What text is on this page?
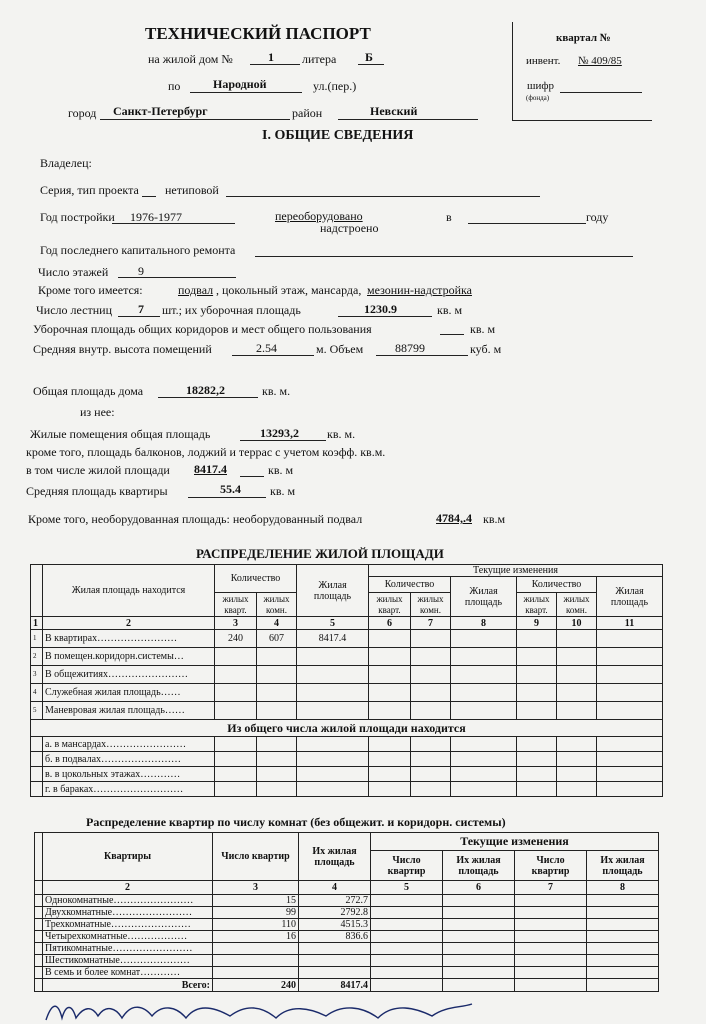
ТЕХНИЧЕСКИЙ ПАСПОРТ
на жилой дом №	1 литера Б
по	Народной	ул.(пер.)
город Санкт-Петербург	район	Невский
квартал №
инвент. № 409/85
шифр
(фонда)
I. ОБЩИЕ СВЕДЕНИЯ
Владелец:
Серия, тип проекта нетиповой
Год постройки 1976-1977	переоборудовано
надстроено
в	году
Год последнего капитального ремонта
Число этажей 9
Кроме того имеется:	подвал , цокольный этаж, мансарда, мезонин-надстройка
Число лестниц 7 шт.; их уборочная площадь	1230.9	кв. м
Уборочная площадь общих коридоров и мест общего пользования	кв. м
Средняя внутр. высота помещений	2.54	м. Объем	88799	куб. м
Общая площадь дома	18282,2	кв. м.
из нее:
Жилые помещения общая площадь	13293,2 кв. м.
кроме того, площадь балконов, лоджий и террас с учетом коэфф. кв.м.
в том числе жилой площади 8417.4	кв. м
Средняя площадь квартиры	55.4 кв. м
Кроме того, необорудованная площадь: необорудованный подвал	4784,.4 кв.м
РАСПРЕДЕЛЕНИЕ ЖИЛОЙ ПЛОЩАДИ
	Жилая площадь находится	Количество		Жилая площадь	Текущие изменения					
					Количество		Жилая площадь	Количество		Жилая площадь
		жилых кварт.	жилых комн.		жилых кварт.	жилых комн.		жилых кварт.	жилых комн.	
1	2	3	4	5	6	7	8	9	10	11
1	В квартирах……………………	240	607	8417.4						
2	В помещен.коридорн.системы…									
3	В общежитиях……………………									
4	Служебная жилая площадь……									
5	Маневровая жилая площадь……									
Из общего числа жилой площади находится										
	а. в мансардах……………………									
	б. в подвалах……………………									
	в. в цокольных этажах…………									
	г. в бараках………………………									
Распределение квартир по числу комнат (без общежит. и коридорн. системы)
	Квартиры	Число квартир	Их жилая площадь	Текущие изменения			
				Число квартир	Их жилая площадь	Число квартир	Их жилая площадь
	2	3	4	5	6	7	8
	Однокомнатные……………………	15	272.7				
	Двухкомнатные……………………	99	2792.8				
	Трехкомнатные……………………	110	4515.3				
	Четырехкомнатные………………	16	836.6				
	Пятикомнатные……………………						
	Шестикомнатные…………………						
	В семь и более комнат…………						
	Всего:	240	8417.4				
